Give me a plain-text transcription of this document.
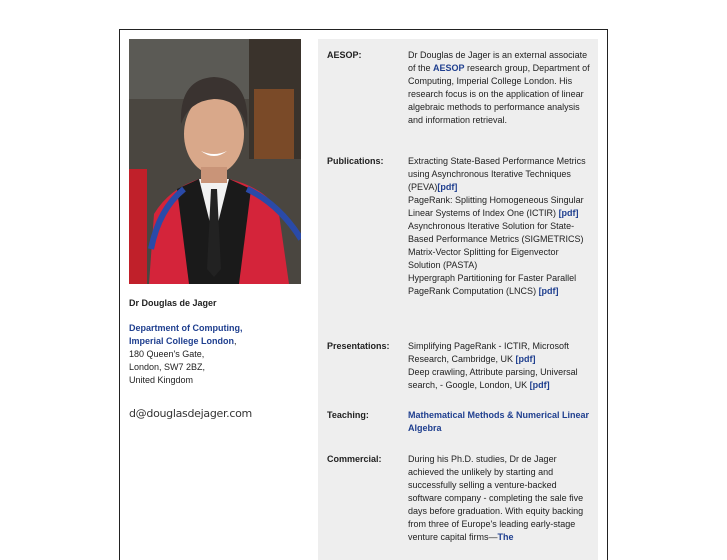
Dr Douglas de Jager
Department of Computing,
Imperial College London,
180 Queen's Gate,
London, SW7 2BZ,
United Kingdom
d@douglasdejager.com
AESOP:	Dr Douglas de Jager is an external associate of the AESOP research group, Department of Computing, Imperial College London. His research focus is on the application of linear algebraic methods to performance analysis and information retrieval.
Publications:	Extracting State-Based Performance Metrics using Asynchronous Iterative Techniques (PEVA)[pdf]
PageRank: Splitting Homogeneous Singular Linear Systems of Index One (ICTIR) [pdf]
Asynchronous Iterative Solution for State-Based Performance Metrics (SIGMETRICS)
Matrix-Vector Splitting for Eigenvector Solution (PASTA)
Hypergraph Partitioning for Faster Parallel PageRank Computation (LNCS) [pdf]
Presentations:	Simplifying PageRank - ICTIR, Microsoft Research, Cambridge, UK [pdf]
Deep crawling, Attribute parsing, Universal search, - Google, London, UK [pdf]
Teaching:	Mathematical Methods & Numerical Linear Algebra
Commercial:	During his Ph.D. studies, Dr de Jager achieved the unlikely by starting and successfully selling a venture-backed software company - completing the sale five days before graduation. With equity backing from three of Europe's leading early-stage venture capital firms—The
